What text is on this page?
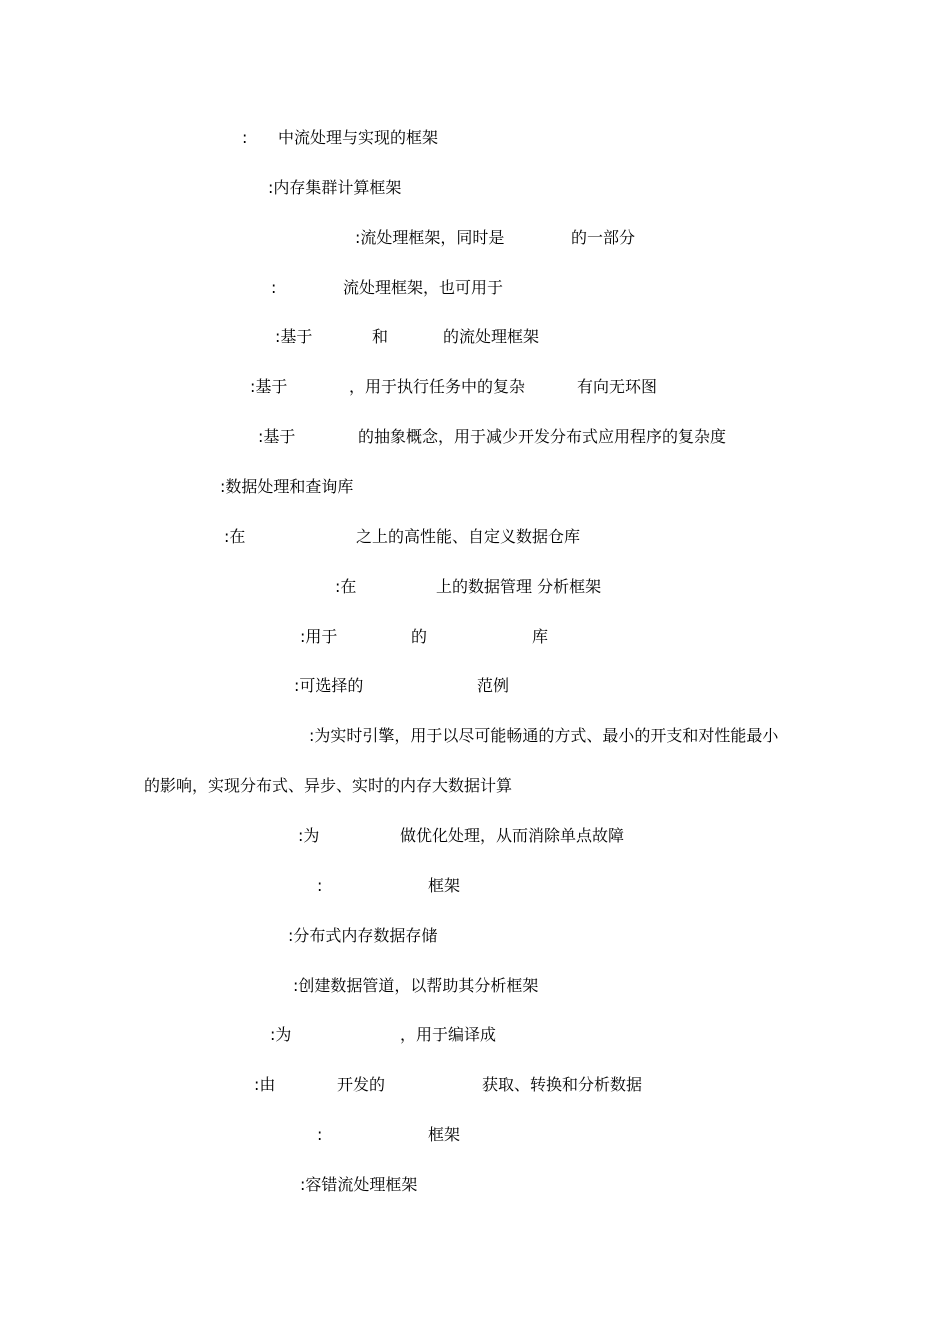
: 中流处理与实现的框架
:内存集群计算框架
:流处理框架，同时是	的一部分
:	流处理框架，也可用于
:基于	和	的流处理框架
:基于	，用于执行任务中的复杂	有向无环图
:基于	的抽象概念，用于减少开发分布式应用程序的复杂度
:数据处理和查询库
:在	之上的高性能、自定义数据仓库
:在	上的数据管理 分析框架
:用于	的	库
:可选择的	范例
:为实时引擎，用于以尽可能畅通的方式、最小的开支和对性能最小
的影响，实现分布式、异步、实时的内存大数据计算
:为	做优化处理，从而消除单点故障
:	框架
:分布式内存数据存储
:创建数据管道，以帮助其分析框架
:为	，用于编译成
:由	开发的	获取、转换和分析数据
:	框架
:容错流处理框架
